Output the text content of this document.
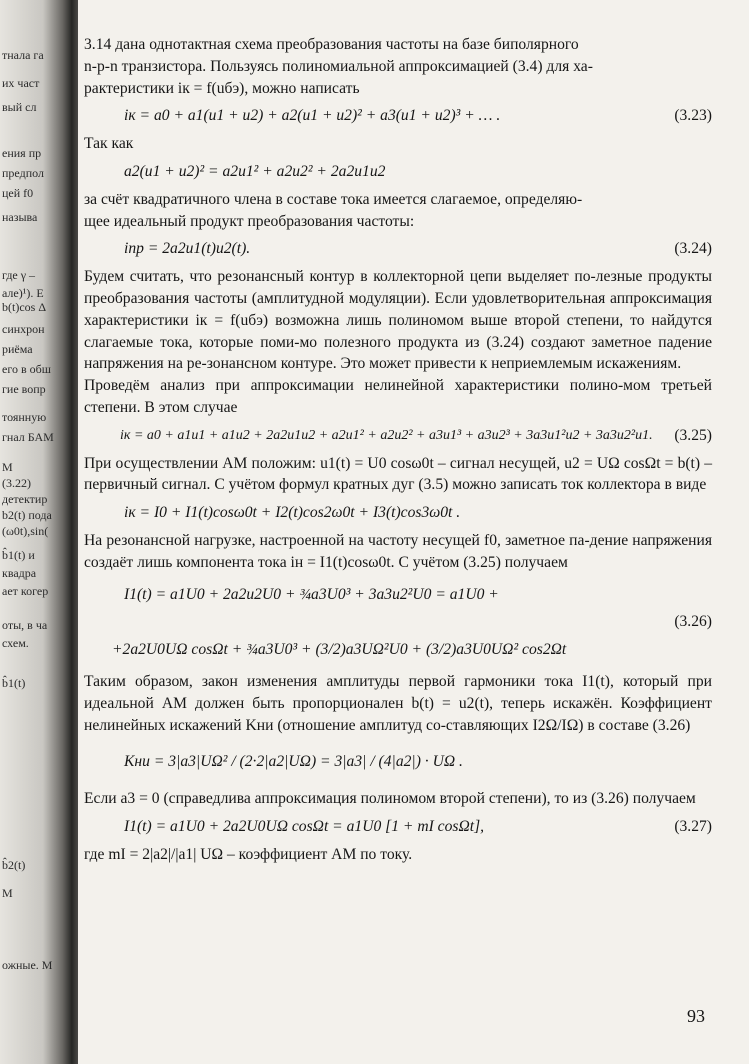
тнала га
их част
вый сл
ения пр
предпол
цей f0
называ
где γ –
але)¹). Е
b(t)cos Δ
синхрон
риёма
его в обш
гие вопр
тоянную
гнал БАМ
М
(3.22)
детектир
b2(t) пода
(ω0t),sin(
b̂1(t) и
квадра
ает когер
оты, в ча
схем.
b̂1(t)
b̂2(t)
М
ожные. M

3.14 дана однотактная схема преобразования частоты на базе биполярного

n-p-n транзистора. Пользуясь полиномиальной аппроксимацией (3.4) для ха-

рактеристики iк = f(uбэ), можно написать

iк = a0 + a1(u1 + u2) + a2(u1 + u2)² + a3(u1 + u2)³ + … .	(3.23)

Так как

a2(u1 + u2)² = a2u1² + a2u2² + 2a2u1u2

за счёт квадратичного члена в составе тока имеется слагаемое, определяю-

щее идеальный продукт преобразования частоты:

iпр = 2a2u1(t)u2(t).	(3.24)

Будем считать, что резонансный контур в коллекторной цепи выделяет по-лезные продукты преобразования частоты (амплитудной модуляции). Если удовлетворительная аппроксимация характеристики iк = f(uбэ) возможна лишь полиномом выше второй степени, то найдутся слагаемые тока, которые поми-мо полезного продукта из (3.24) создают заметное падение напряжения на ре-зонансном контуре. Это может привести к неприемлемым искажениям.

Проведём анализ при аппроксимации нелинейной характеристики полино-мом третьей степени. В этом случае

iк = a0 + a1u1 + a1u2 + 2a2u1u2 + a2u1² + a2u2² + a3u1³ + a3u2³ + 3a3u1²u2 + 3a3u2²u1. (3.25)

При осуществлении АМ положим: u1(t) = U0 cosω0t – сигнал несущей, u2 = UΩ cosΩt = b(t) – первичный сигнал. С учётом формул кратных дуг (3.5) можно записать ток коллектора в виде

iк = I0 + I1(t)cosω0t + I2(t)cos2ω0t + I3(t)cos3ω0t .

На резонансной нагрузке, настроенной на частоту несущей f0, заметное па-дение напряжения создаёт лишь компонента тока iн = I1(t)cosω0t. С учётом (3.25) получаем

I1(t) = a1U0 + 2a2u2U0 + ¾a3U0³ + 3a3u2²U0 = a1U0 +
(3.26)
+2a2U0UΩ cosΩt + ¾a3U0³ + (3/2)a3UΩ²U0 + (3/2)a3U0UΩ² cos2Ωt

Таким образом, закон изменения амплитуды первой гармоники тока I1(t), который при идеальной АМ должен быть пропорционален b(t) = u2(t), теперь искажён. Коэффициент нелинейных искажений Kни (отношение амплитуд со-ставляющих I2Ω/IΩ) в составе (3.26)

Kни = 3|a3|UΩ² / (2·2|a2|UΩ) = 3|a3| / (4|a2|) · UΩ .

Если a3 = 0 (справедлива аппроксимация полиномом второй степени), то из (3.26) получаем

I1(t) = a1U0 + 2a2U0UΩ cosΩt = a1U0 [1 + mI cosΩt],	(3.27)

где mI = 2|a2|/|a1| UΩ – коэффициент АМ по току.

93
